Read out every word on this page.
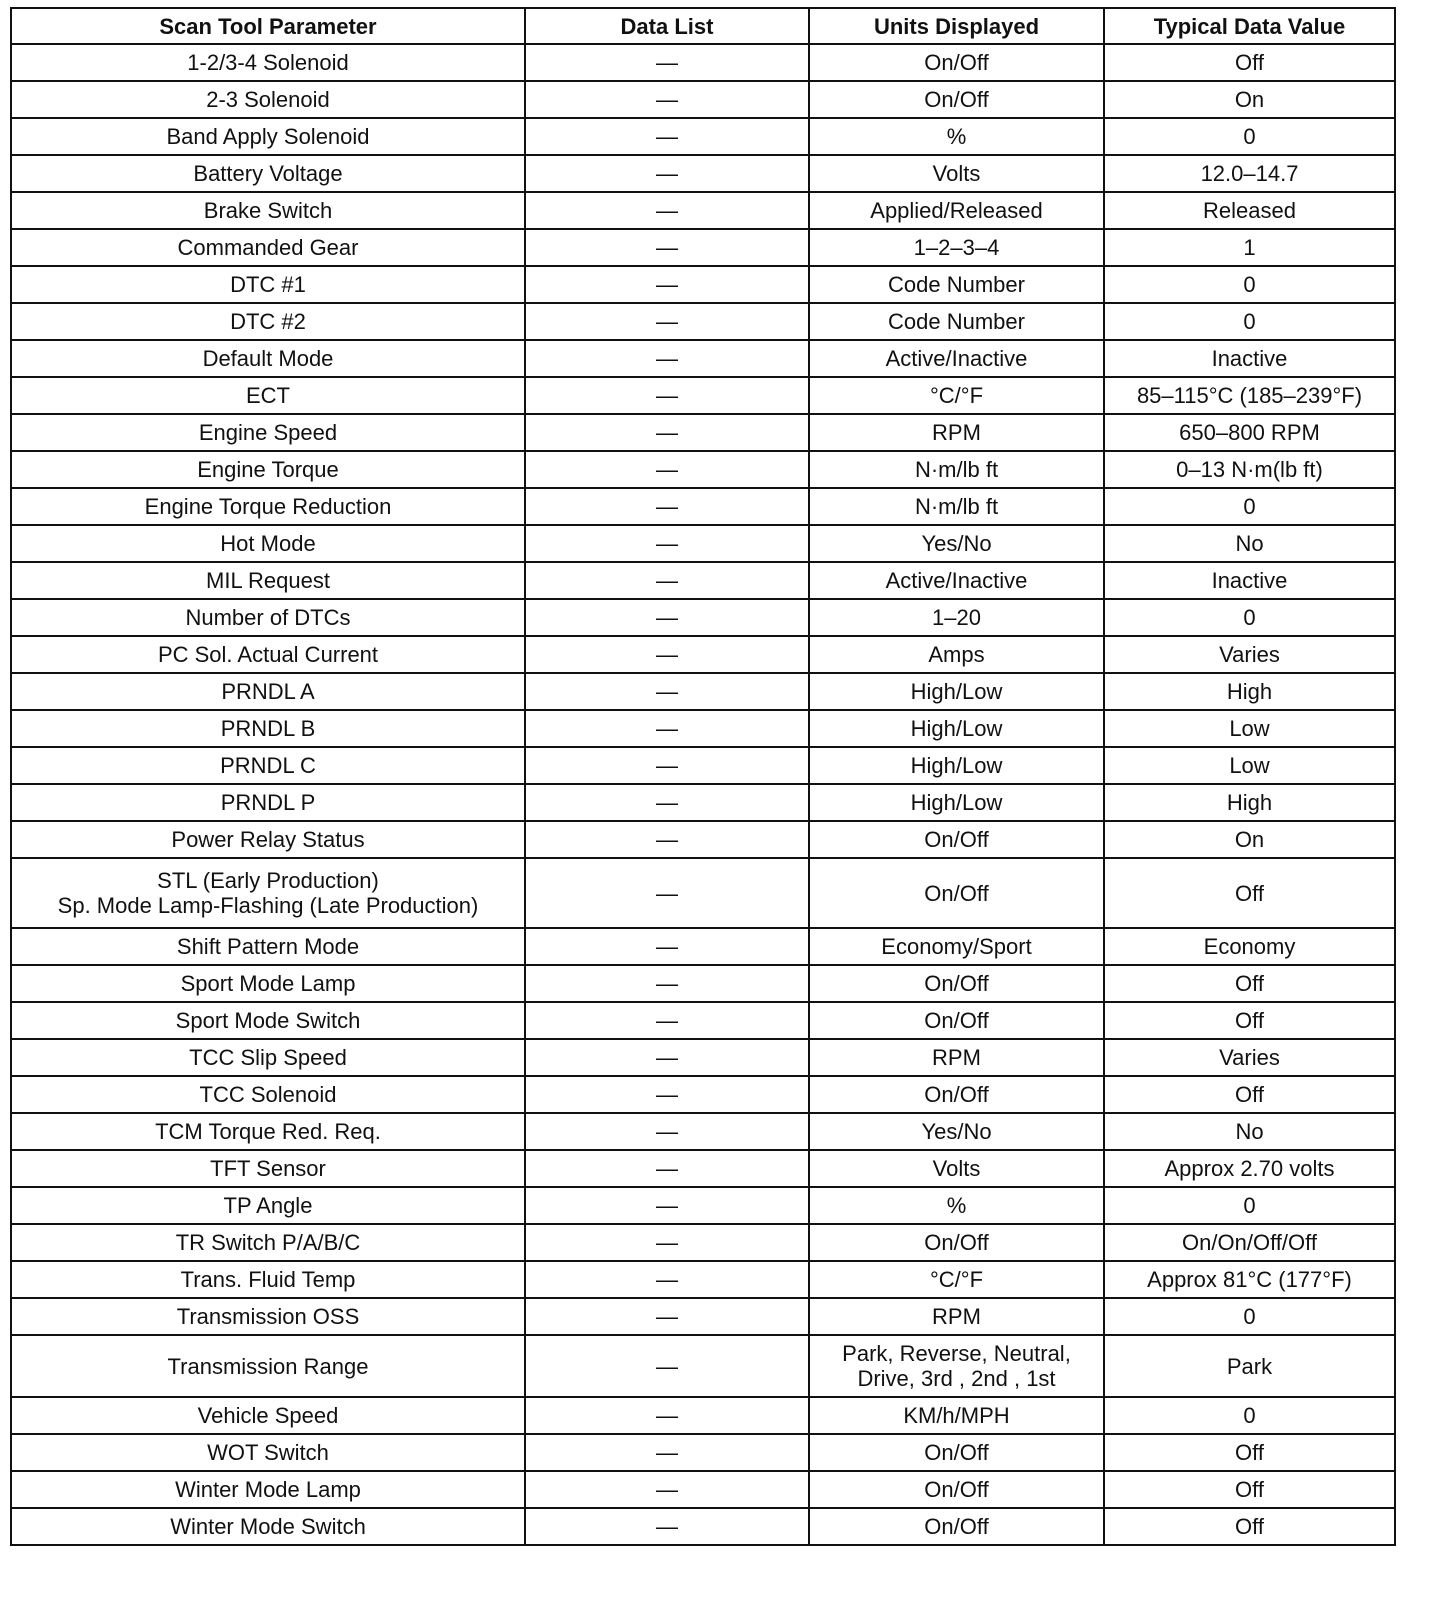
Scan Tool Parameter	Data List	Units Displayed	Typical Data Value

1-2/3-4 Solenoid	—	On/Off	Off

2-3 Solenoid	—	On/Off	On

Band Apply Solenoid	—	%	0

Battery Voltage	—	Volts	12.0–14.7

Brake Switch	—	Applied/Released	Released

Commanded Gear	—	1–2–3–4	1

DTC #1	—	Code Number	0

DTC #2	—	Code Number	0

Default Mode	—	Active/Inactive	Inactive

ECT	—	°C/°F	85–115°C (185–239°F)

Engine Speed	—	RPM	650–800 RPM

Engine Torque	—	N·m/lb ft	0–13 N·m(lb ft)

Engine Torque Reduction	—	N·m/lb ft	0

Hot Mode	—	Yes/No	No

MIL Request	—	Active/Inactive	Inactive

Number of DTCs	—	1–20	0

PC Sol. Actual Current	—	Amps	Varies

PRNDL A	—	High/Low	High

PRNDL B	—	High/Low	Low

PRNDL C	—	High/Low	Low

PRNDL P	—	High/Low	High

Power Relay Status	—	On/Off	On

STL (Early Production)
Sp. Mode Lamp-Flashing (Late Production)	—	On/Off	Off

Shift Pattern Mode	—	Economy/Sport	Economy

Sport Mode Lamp	—	On/Off	Off

Sport Mode Switch	—	On/Off	Off

TCC Slip Speed	—	RPM	Varies

TCC Solenoid	—	On/Off	Off

TCM Torque Red. Req.	—	Yes/No	No

TFT Sensor	—	Volts	Approx 2.70 volts

TP Angle	—	%	0

TR Switch P/A/B/C	—	On/Off	On/On/Off/Off

Trans. Fluid Temp	—	°C/°F	Approx 81°C (177°F)

Transmission OSS	—	RPM	0

Transmission Range	—	Park, Reverse, Neutral,
Drive, 3rd , 2nd , 1st	Park

Vehicle Speed	—	KM/h/MPH	0

WOT Switch	—	On/Off	Off

Winter Mode Lamp	—	On/Off	Off

Winter Mode Switch	—	On/Off	Off
